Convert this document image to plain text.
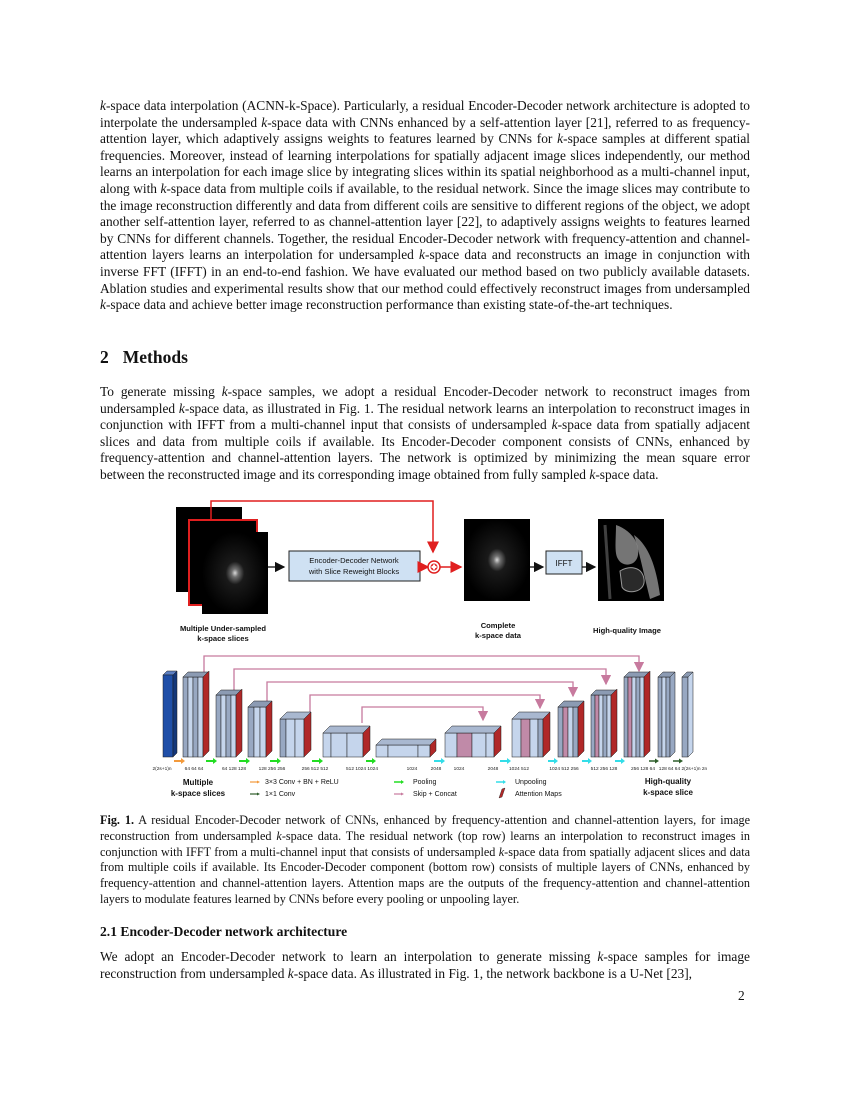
k-space data interpolation (ACNN-k-Space). Particularly, a residual Encoder-Decoder network architecture is adopted to interpolate the undersampled k-space data with CNNs enhanced by a self-attention layer [21], referred to as frequency-attention layer, which adaptively assigns weights to features learned by CNNs for k-space samples at different spatial frequencies. Moreover, instead of learning interpolations for spatially adjacent image slices independently, our method learns an interpolation for each image slice by integrating slices within its spatial neighborhood as a multi-channel input, along with k-space data from multiple coils if available, to the residual network. Since the image slices may contribute to the image reconstruction differently and data from different coils are sensitive to different regions of the object, we adopt another self-attention layer, referred to as channel-attention layer [22], to adaptively assigns weights to features learned by CNNs for different channels. Together, the residual Encoder-Decoder network with frequency-attention and channel-attention layers learns an interpolation for undersampled k-space data and reconstructs an image in conjunction with inverse FFT (IFFT) in an end-to-end fashion. We have evaluated our method based on two publicly available datasets. Ablation studies and experimental results show that our method could effectively reconstruct images from undersampled k-space data and achieve better image reconstruction performance than existing state-of-the-art techniques.

2 Methods

To generate missing k-space samples, we adopt a residual Encoder-Decoder network to reconstruct images from undersampled k-space data, as illustrated in Fig. 1. The residual network learns an interpolation to reconstruct images in conjunction with IFFT from a multi-channel input that consists of undersampled k-space data from spatially adjacent slices and data from multiple coils if available. Its Encoder-Decoder component consists of CNNs, enhanced by frequency-attention and channel-attention layers. The network is optimized by minimizing the mean square error between the reconstructed image and its corresponding image obtained from fully sampled k-space data.

Encoder-Decoder Network
with Slice Reweight Blocks
IFFT
Multiple Under-sampled
k-space slices
Complete
k-space data
High-quality Image
2(2s+1)n	64 64 64	64 128 128	128 256 256	256 512 512	512 1024 1024	1024	2048	1024	2048 1024 512	1024 512 256 512 256 128	256 128 64 128 64 64 2(2s+1)n 2n
Multiple
k-space slices
High-quality
k-space slice
3×3 Conv + BN + ReLU
1×1 Conv
Pooling
Skip + Concat
Unpooling
Attention Maps

Fig. 1. A residual Encoder-Decoder network of CNNs, enhanced by frequency-attention and channel-attention layers, for image reconstruction from undersampled k-space data. The residual network (top row) learns an interpolation to reconstruct images in conjunction with IFFT from a multi-channel input that consists of undersampled k-space data from spatially adjacent slices and data from multiple coils if available. Its Encoder-Decoder component (bottom row) consists of multiple layers of CNNs, enhanced by frequency-attention and channel-attention layers. Attention maps are the outputs of the frequency-attention and channel-attention layers to modulate features learned by CNNs before every pooling or unpooling layer.

2.1 Encoder-Decoder network architecture

We adopt an Encoder-Decoder network to learn an interpolation to generate missing k-space samples for image reconstruction from undersampled k-space data. As illustrated in Fig. 1, the network backbone is a U-Net [23],

2
